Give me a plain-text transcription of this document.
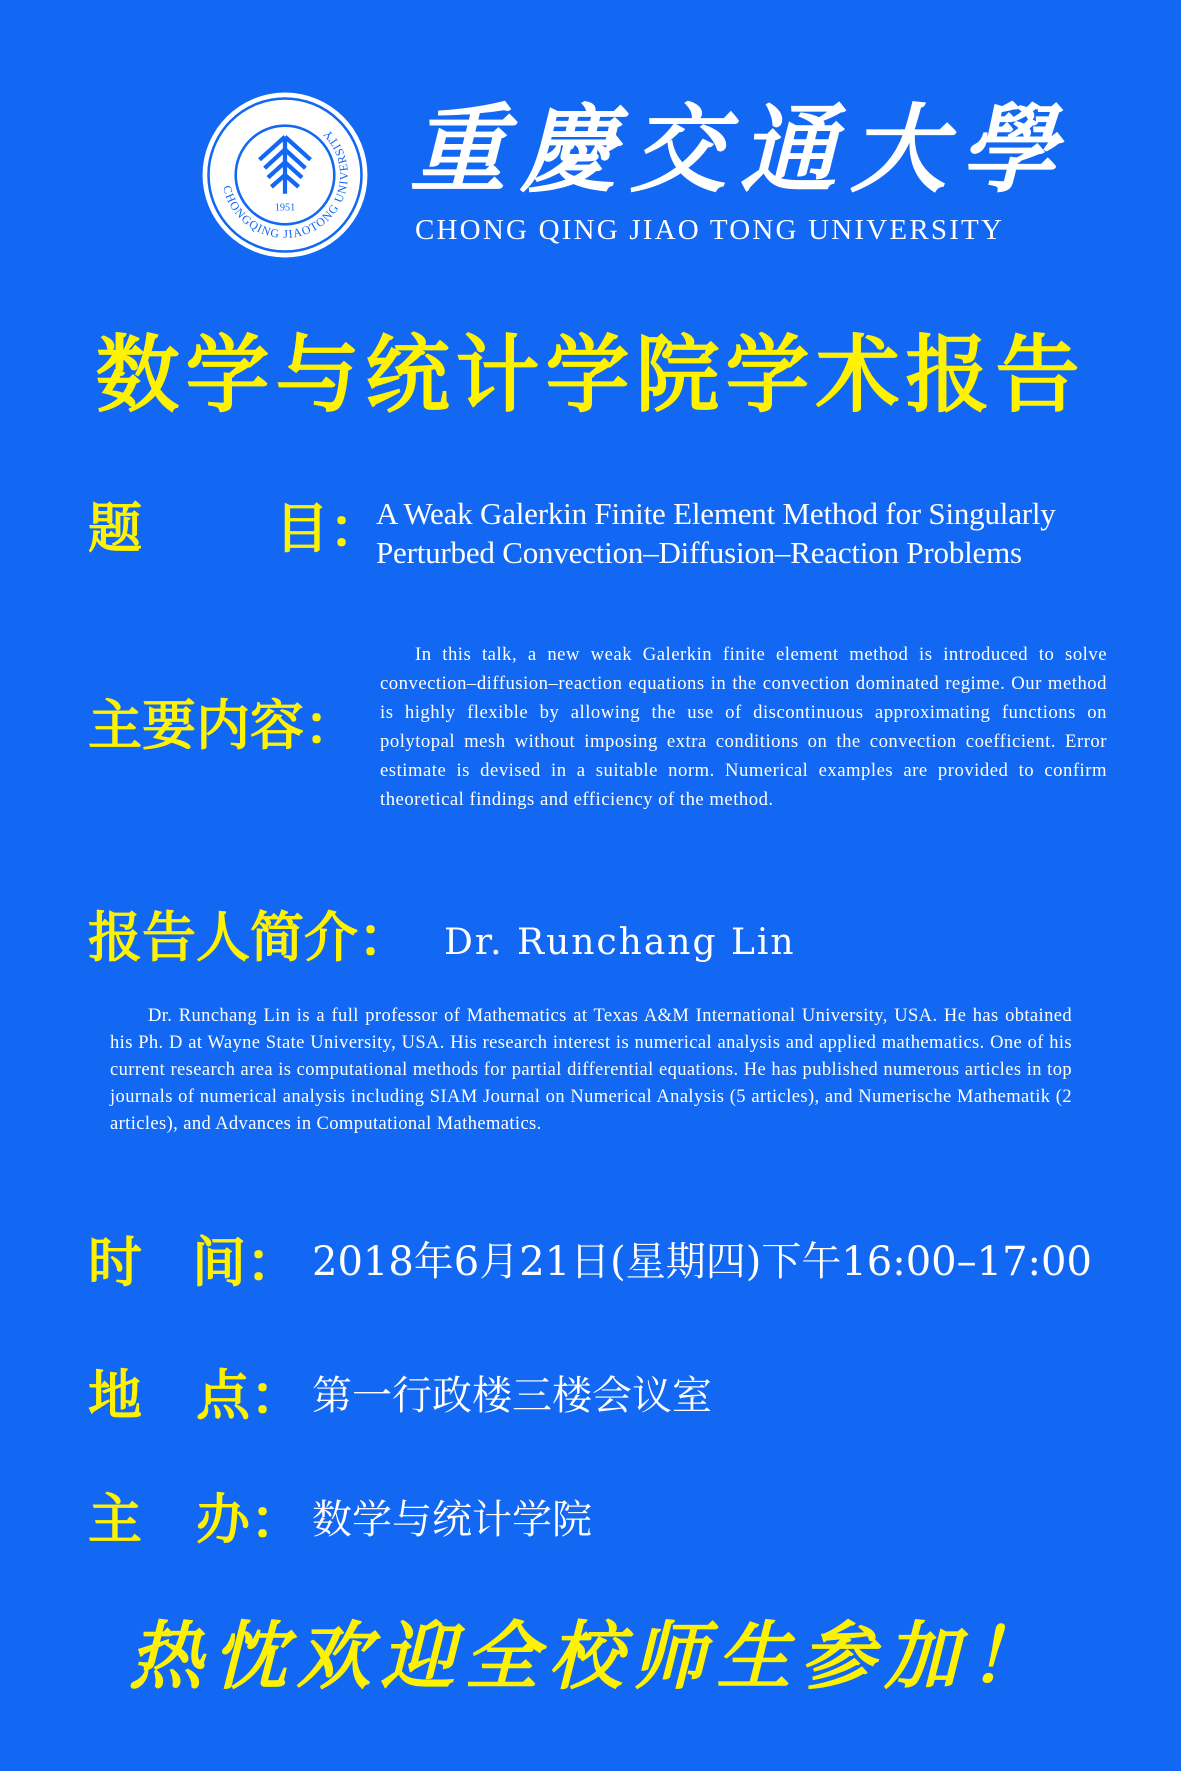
CHONGQING JIAOTONG UNIVERSITY
1951
重慶交通大學
CHONG QING JIAO TONG UNIVERSITY
数学与统计学院学术报告
题 目：
A Weak Galerkin Finite Element Method for Singularly
Perturbed Convection–Diffusion–Reaction Problems
主要内容：

In this talk, a new weak Galerkin finite element method is introduced to solve convection–diffusion–reaction equations in the convection dominated regime. Our method is highly flexible by allowing the use of discontinuous approximating functions on polytopal mesh without imposing extra conditions on the convection coefficient. Error estimate is devised in a suitable norm. Numerical examples are provided to confirm theoretical findings and efficiency of the method.

报告人简介： Dr. Runchang Lin

Dr. Runchang Lin is a full professor of Mathematics at Texas A&M International University, USA. He has obtained his Ph. D at Wayne State University, USA. His research interest is numerical analysis and applied mathematics. One of his current research area is computational methods for partial differential equations. He has published numerous articles in top journals of numerical analysis including SIAM Journal on Numerical Analysis (5 articles), and Numerische Mathematik (2 articles), and Advances in Computational Mathematics.

时 间： 2018年6月21日(星期四)下午16:00–17:00
地 点： 第一行政楼三楼会议室
主 办： 数学与统计学院
热忱欢迎全校师生参加！
